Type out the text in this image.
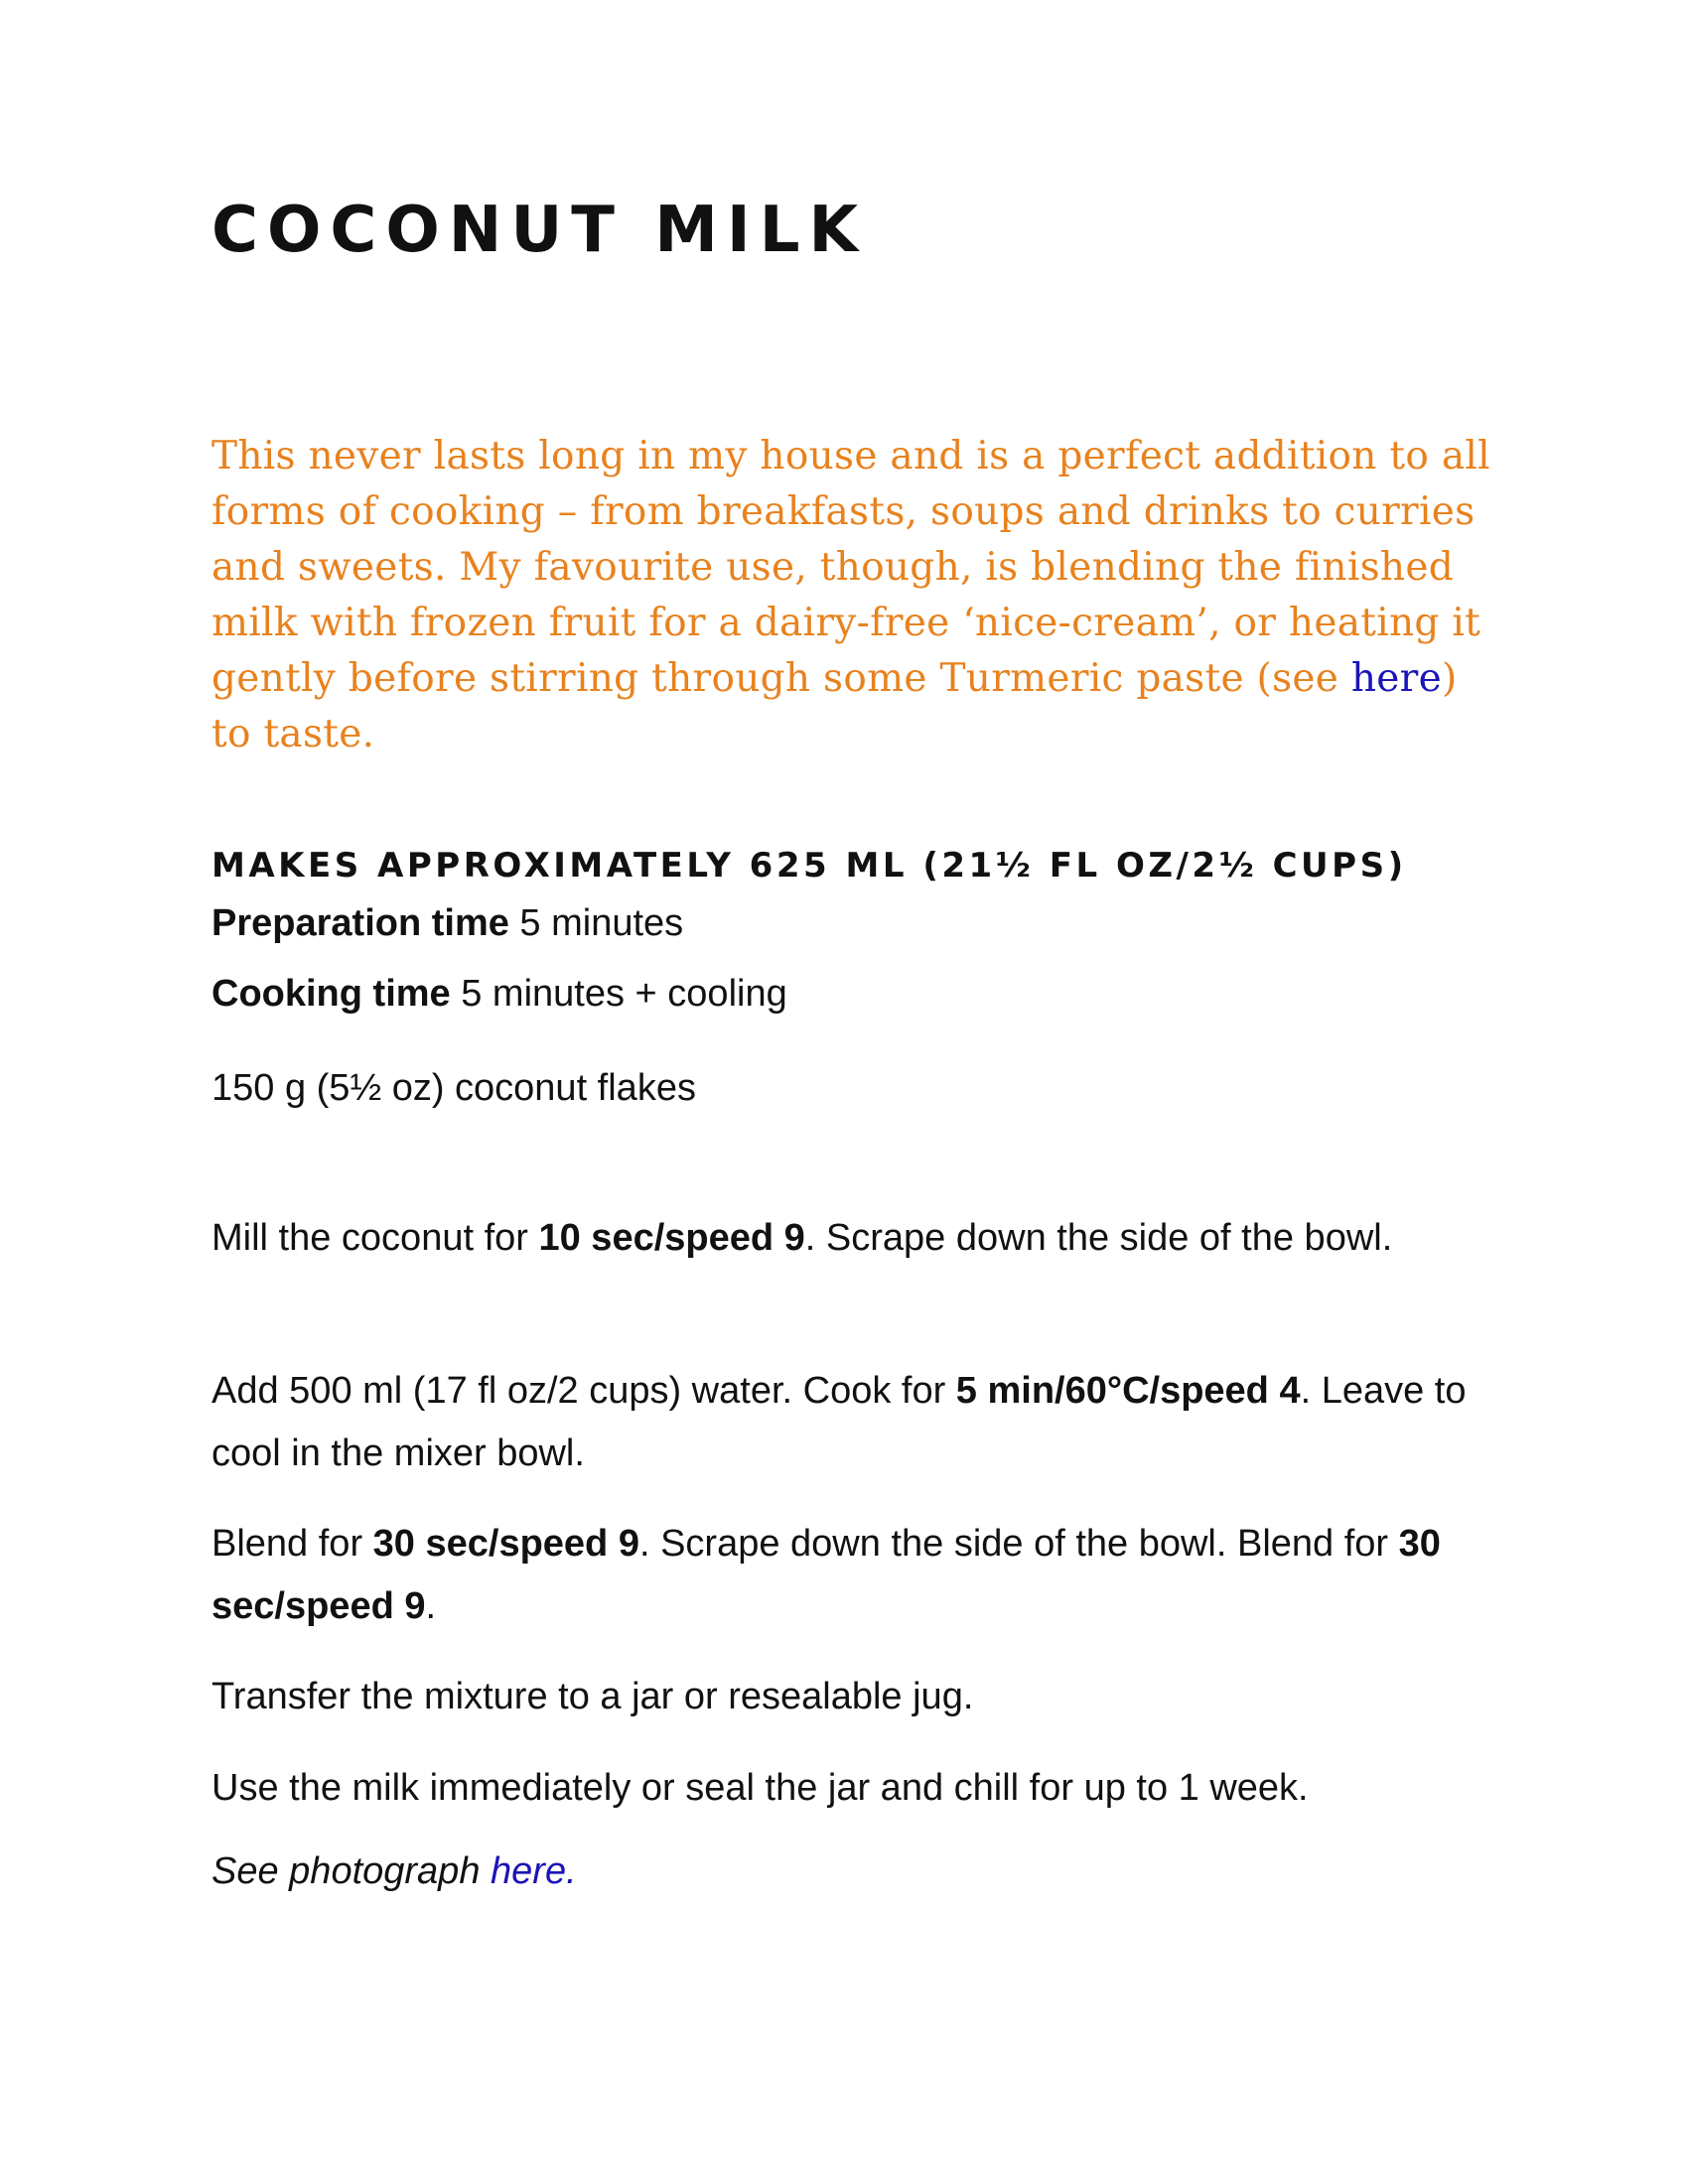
COCONUT MILK

This never lasts long in my house and is a perfect addition to all forms of cooking – from breakfasts, soups and drinks to curries and sweets. My favourite use, though, is blending the finished milk with frozen fruit for a dairy-free ‘nice-cream’, or heating it gently before stirring through some Turmeric paste (see here) to taste.

MAKES APPROXIMATELY 625 ML (21½ FL OZ/2½ CUPS)

Preparation time 5 minutes

Cooking time 5 minutes + cooling

150 g (5½ oz) coconut flakes

Mill the coconut for 10 sec/speed 9. Scrape down the side of the bowl.

Add 500 ml (17 fl oz/2 cups) water. Cook for 5 min/60°C/speed 4. Leave to cool in the mixer bowl.

Blend for 30 sec/speed 9. Scrape down the side of the bowl. Blend for 30 sec/speed 9.

Transfer the mixture to a jar or resealable jug.

Use the milk immediately or seal the jar and chill for up to 1 week.

See photograph here.
